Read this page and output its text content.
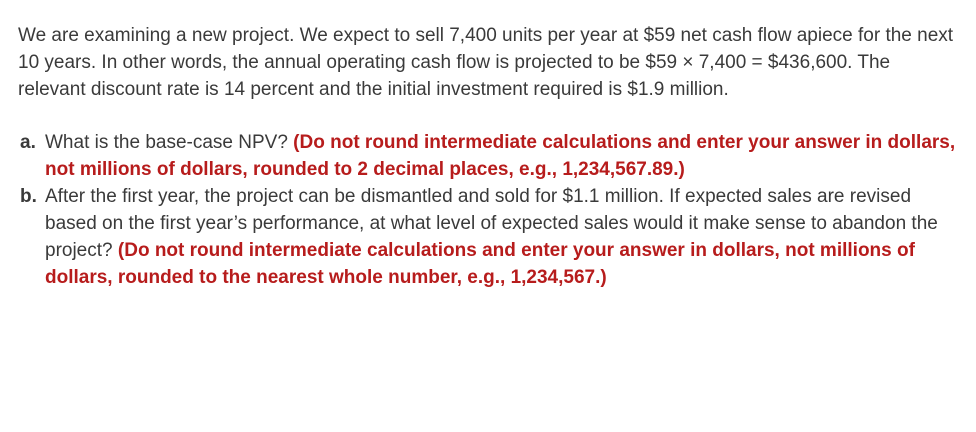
We are examining a new project. We expect to sell 7,400 units per year at $59 net cash flow apiece for the next 10 years. In other words, the annual operating cash flow is projected to be $59 × 7,400 = $436,600. The relevant discount rate is 14 percent and the initial investment required is $1.9 million.

a. What is the base-case NPV? (Do not round intermediate calculations and enter your answer in dollars, not millions of dollars, rounded to 2 decimal places, e.g., 1,234,567.89.)
b. After the first year, the project can be dismantled and sold for $1.1 million. If expected sales are revised based on the first year’s performance, at what level of expected sales would it make sense to abandon the project? (Do not round intermediate calculations and enter your answer in dollars, not millions of dollars, rounded to the nearest whole number, e.g., 1,234,567.)
